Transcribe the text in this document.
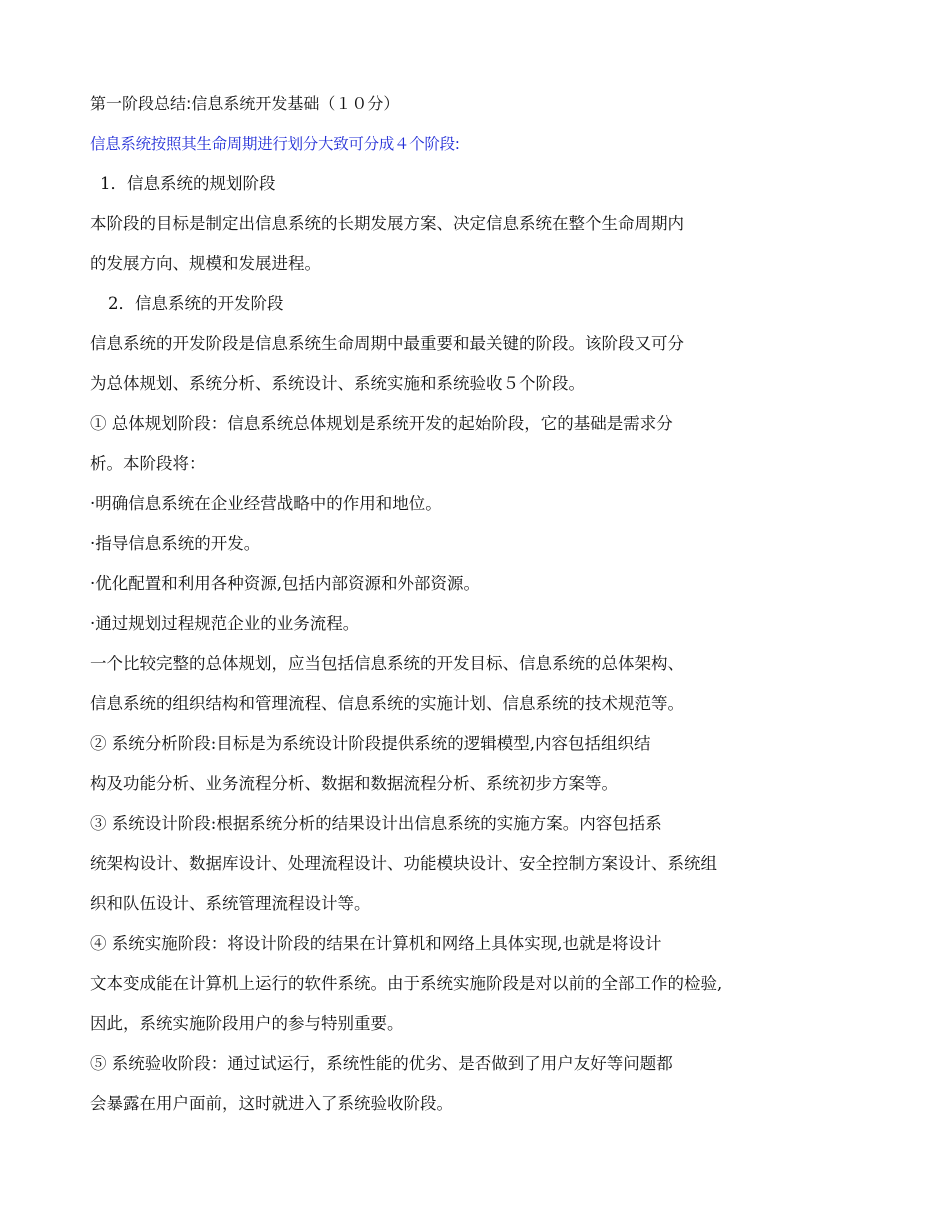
第一阶段总结:信息系统开发基础（１０分）
信息系统按照其生命周期进行划分大致可分成４个阶段:
1．信息系统的规划阶段
本阶段的目标是制定出信息系统的长期发展方案、决定信息系统在整个生命周期内
的发展方向、规模和发展进程。
2．信息系统的开发阶段
信息系统的开发阶段是信息系统生命周期中最重要和最关键的阶段。该阶段又可分
为总体规划、系统分析、系统设计、系统实施和系统验收５个阶段。
① 总体规划阶段：信息系统总体规划是系统开发的起始阶段，它的基础是需求分
析。本阶段将：
·明确信息系统在企业经营战略中的作用和地位。
·指导信息系统的开发。
·优化配置和利用各种资源,包括内部资源和外部资源。
·通过规划过程规范企业的业务流程。
一个比较完整的总体规划，应当包括信息系统的开发目标、信息系统的总体架构、
信息系统的组织结构和管理流程、信息系统的实施计划、信息系统的技术规范等。
② 系统分析阶段:目标是为系统设计阶段提供系统的逻辑模型,内容包括组织结
构及功能分析、业务流程分析、数据和数据流程分析、系统初步方案等。
③ 系统设计阶段:根据系统分析的结果设计出信息系统的实施方案。内容包括系
统架构设计、数据库设计、处理流程设计、功能模块设计、安全控制方案设计、系统组
织和队伍设计、系统管理流程设计等。
④ 系统实施阶段：将设计阶段的结果在计算机和网络上具体实现,也就是将设计
文本变成能在计算机上运行的软件系统。由于系统实施阶段是对以前的全部工作的检验,
因此，系统实施阶段用户的参与特别重要。
⑤ 系统验收阶段：通过试运行，系统性能的优劣、是否做到了用户友好等问题都
会暴露在用户面前，这时就进入了系统验收阶段。
